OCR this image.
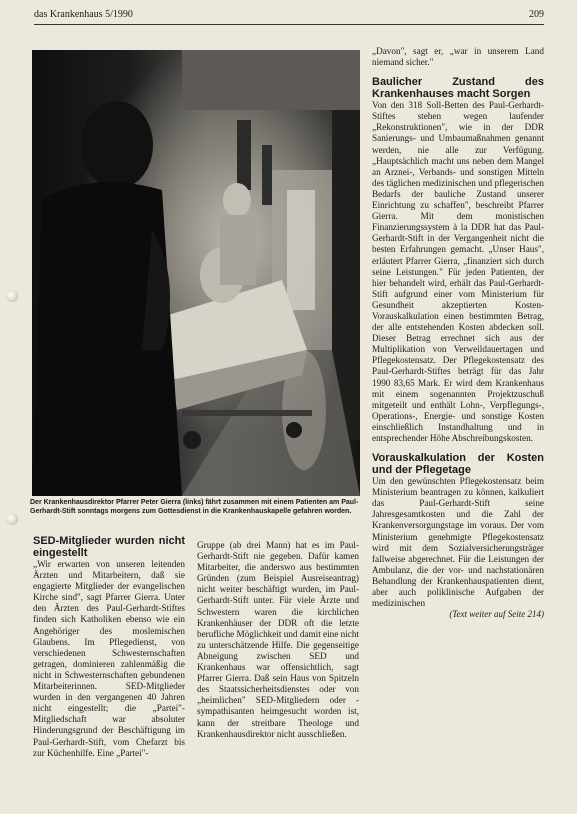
das Krankenhaus 5/1990	209
Der Krankenhausdirektor Pfarrer Peter Gierra (links) fährt zusammen mit einem Patienten am Paul-Gerhardt-Stift sonntags morgens zum Gottesdienst in die Krankenhauskapelle gefahren worden.

SED-Mitglieder wurden nicht eingestellt

„Wir erwarten von unseren leitenden Ärzten und Mitarbeitern, daß sie engagierte Mitglieder der evangelischen Kirche sind", sagt Pfarrer Gierra. Unter den Ärzten des Paul-Gerhardt-Stiftes finden sich Katholiken ebenso wie ein Angehöriger des moslemischen Glaubens. Im Pflegedienst, von verschiedenen Schwesternschaften getragen, dominieren zahlenmäßig die nicht in Schwesternschaften gebundenen Mitarbeiterinnen. SED-Mitglieder wurden in den vergangenen 40 Jahren nicht eingestellt; die „Partei"-Mitgliedschaft war absoluter Hinderungsgrund der Beschäftigung im Paul-Gerhardt-Stift, vom Chefarzt bis zur Küchenhilfe. Eine „Partei"-

Gruppe (ab drei Mann) hat es im Paul-Gerhardt-Stift nie gegeben. Dafür kamen Mitarbeiter, die anderswo aus bestimmten Gründen (zum Beispiel Ausreiseantrag) nicht weiter beschäftigt wurden, im Paul-Gerhardt-Stift unter. Für viele Ärzte und Schwestern waren die kirchlichen Krankenhäuser der DDR oft die letzte berufliche Möglichkeit und damit eine nicht zu unterschätzende Hilfe. Die gegenseitige Abneigung zwischen SED und Krankenhaus war offensichtlich, sagt Pfarrer Gierra. Daß sein Haus von Spitzeln des Staatssicherheitsdienstes oder von „heimlichen" SED-Mitgliedern oder -sympathisanten heimgesucht worden ist, kann der streitbare Theologe und Krankenhausdirektor nicht ausschließen.

„Davon", sagt er, „war in unserem Land niemand sicher."

Baulicher Zustand des Krankenhauses macht Sorgen

Von den 318 Soll-Betten des Paul-Gerhardt-Stiftes stehen wegen laufender „Rekonstruktionen", wie in der DDR Sanierungs- und Umbaumaßnahmen genannt werden, nie alle zur Verfügung. „Hauptsächlich macht uns neben dem Mangel an Arznei-, Verbands- und sonstigen Mitteln des täglichen medizinischen und pflegerischen Bedarfs der bauliche Zustand unserer Einrichtung zu schaffen", beschreibt Pfarrer Gierra. Mit dem monistischen Finanzierungssystem à la DDR hat das Paul-Gerhardt-Stift in der Vergangenheit nicht die besten Erfahrungen gemacht. „Unser Haus", erläutert Pfarrer Gierra, „finanziert sich durch seine Leistungen." Für jeden Patienten, der hier behandelt wird, erhält das Paul-Gerhardt-Stift aufgrund einer vom Ministerium für Gesundheit akzeptierten Kosten-Vorauskalkulation einen bestimmten Betrag, der alle entstehenden Kosten abdecken soll. Dieser Betrag errechnet sich aus der Multiplikation von Verweildauertagen und Pflegekostensatz. Der Pflegekostensatz des Paul-Gerhardt-Stiftes beträgt für das Jahr 1990 83,65 Mark. Er wird dem Krankenhaus mit einem sogenannten Projektzuschuß mitgeteilt und enthält Lohn-, Verpflegungs-, Operations-, Energie- und sonstige Kosten einschließlich Instandhaltung und in entsprechender Höhe Abschreibungskosten.

Vorauskalkulation der Kosten und der Pflegetage

Um den gewünschten Pflegekostensatz beim Ministerium beantragen zu können, kalkuliert das Paul-Gerhardt-Stift seine Jahresgesamtkosten und die Zahl der Krankenversorgungstage im voraus. Der vom Ministerium genehmigte Pflegekostensatz wird mit dem Sozialversicherungsträger fallweise abgerechnet. Für die Leistungen der Ambulanz, die der vor- und nachstationären Behandlung der Krankenhauspatienten dient, aber auch poliklinische Aufgaben der medizinischen

(Text weiter auf Seite 214)
